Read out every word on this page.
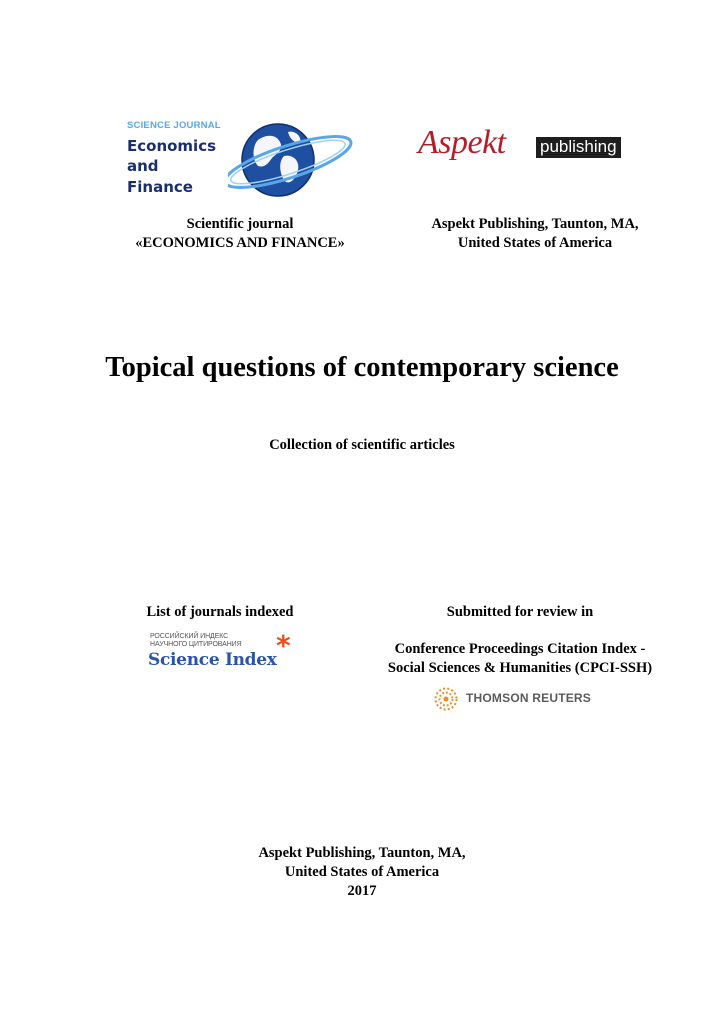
SCIENCE JOURNAL
Economics
and
Finance
Scientific journal
«ECONOMICS AND FINANCE»
Aspekt publishing
Aspekt Publishing, Taunton, MA,
United States of America
Topical questions of contemporary science
Collection of scientific articles
List of journals indexed
РОССИЙСКИЙ ИНДЕКС
НАУЧНОГО ЦИТИРОВАНИЯ
Science Index *
Submitted for review in
Conference Proceedings Citation Index -
Social Sciences & Humanities (CPCI-SSH)
THOMSON REUTERS
Aspekt Publishing, Taunton, MA,
United States of America
2017
